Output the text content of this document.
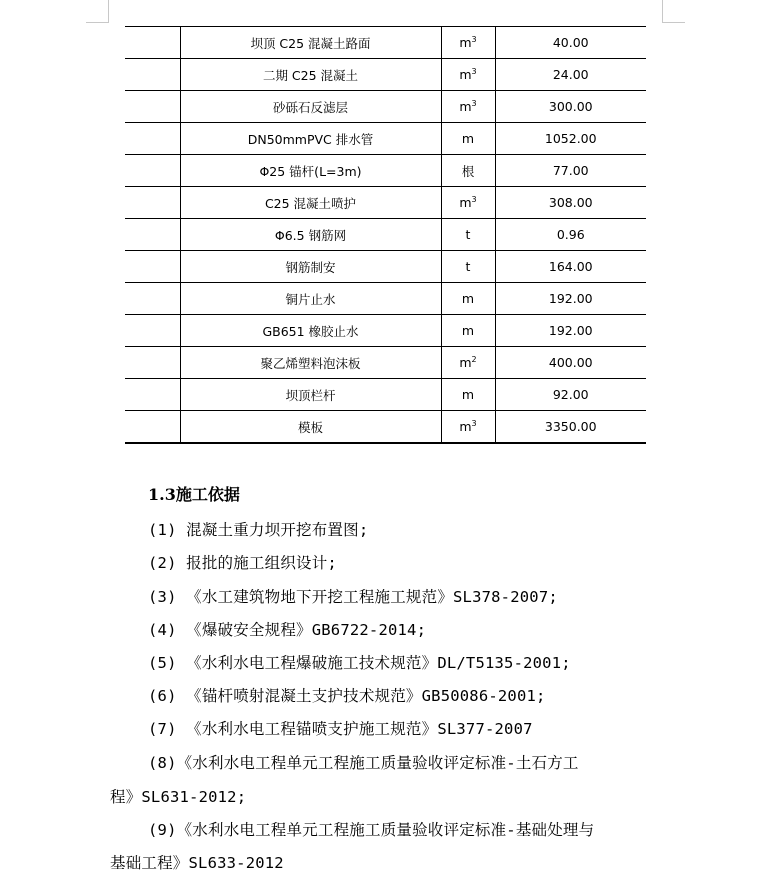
	坝顶 C25 混凝土路面	$m^3$	40.00
	二期 C25 混凝土	$m^3$	24.00
	砂砾石反滤层	$m^3$	300.00
	DN50mmPVC 排水管	m	1052.00
	Φ25 锚杆(L=3m)	根	77.00
	C25 混凝土喷护	$m^3$	308.00
	Φ6.5 钢筋网	t	0.96
	钢筋制安	t	164.00
	铜片止水	m	192.00
	GB651 橡胶止水	m	192.00
	聚乙烯塑料泡沫板	$m^2$	400.00
	坝顶栏杆	m	92.00
	模板	$m^3$	3350.00
1.3施工依据
(1) 混凝土重力坝开挖布置图;
(2) 报批的施工组织设计;
(3) 《水工建筑物地下开挖工程施工规范》SL378-2007;
(4) 《爆破安全规程》GB6722-2014;
(5) 《水利水电工程爆破施工技术规范》DL/T5135-2001;
(6) 《锚杆喷射混凝土支护技术规范》GB50086-2001;
(7) 《水利水电工程锚喷支护施工规范》SL377-2007
(8)《水利水电工程单元工程施工质量验收评定标准-土石方工
程》SL631-2012;
(9)《水利水电工程单元工程施工质量验收评定标准-基础处理与
基础工程》SL633-2012
